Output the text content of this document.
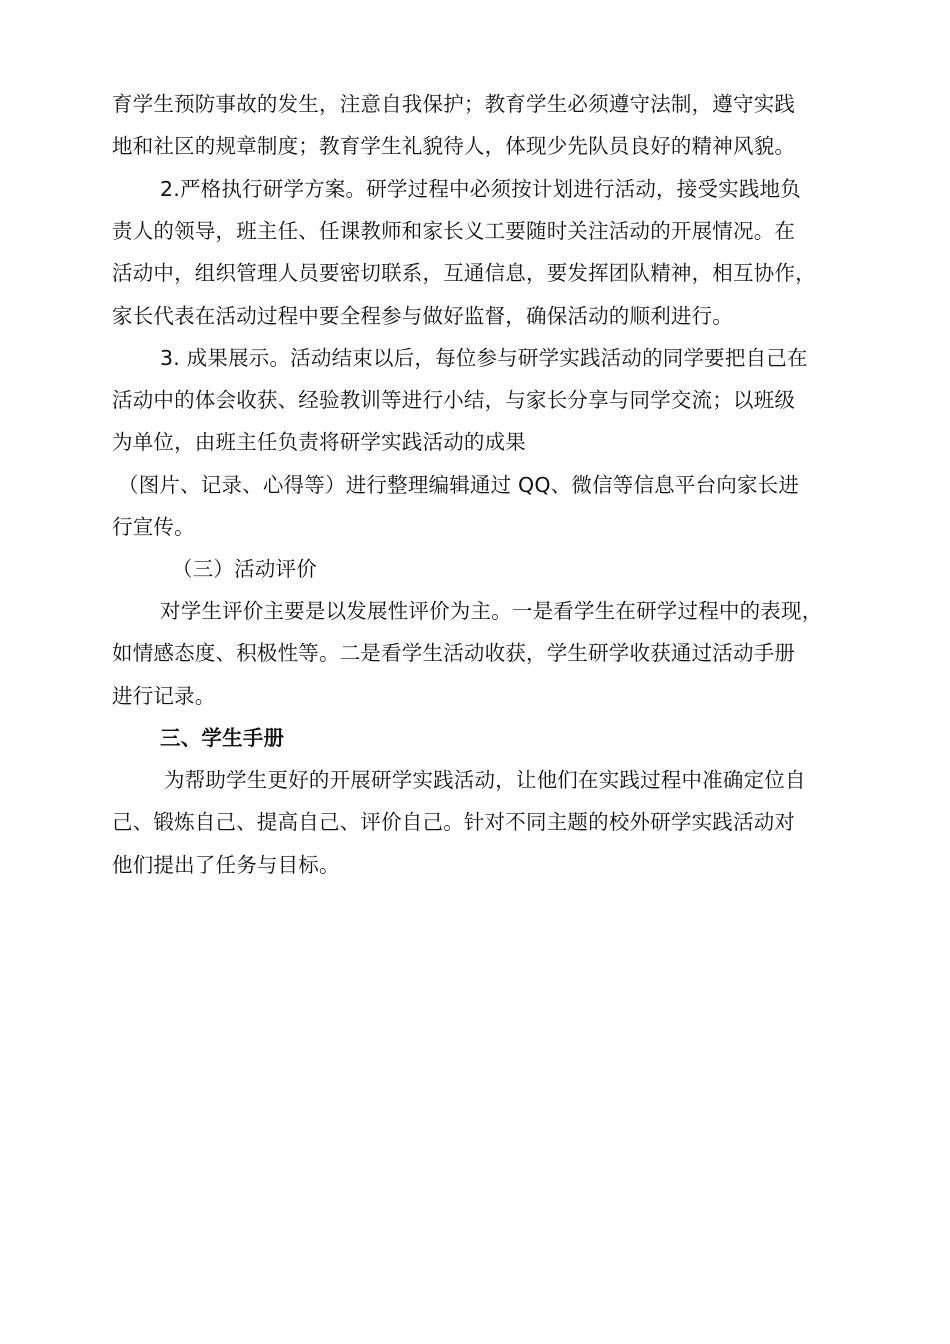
育学生预防事故的发生，注意自我保护；教育学生必须遵守法制，遵守实践
地和社区的规章制度；教育学生礼貌待人，体现少先队员良好的精神风貌。
2.严格执行研学方案。研学过程中必须按计划进行活动，接受实践地负
责人的领导，班主任、任课教师和家长义工要随时关注活动的开展情况。在
活动中，组织管理人员要密切联系，互通信息，要发挥团队精神，相互协作，
家长代表在活动过程中要全程参与做好监督，确保活动的顺利进行。
3. 成果展示。活动结束以后，每位参与研学实践活动的同学要把自己在
活动中的体会收获、经验教训等进行小结，与家长分享与同学交流；以班级
为单位，由班主任负责将研学实践活动的成果
（图片、记录、心得等）进行整理编辑通过 QQ、微信等信息平台向家长进
行宣传。
（三）活动评价
对学生评价主要是以发展性评价为主。一是看学生在研学过程中的表现，
如情感态度、积极性等。二是看学生活动收获，学生研学收获通过活动手册
进行记录。
三、学生手册
为帮助学生更好的开展研学实践活动，让他们在实践过程中准确定位自
己、锻炼自己、提高自己、评价自己。针对不同主题的校外研学实践活动对
他们提出了任务与目标。
